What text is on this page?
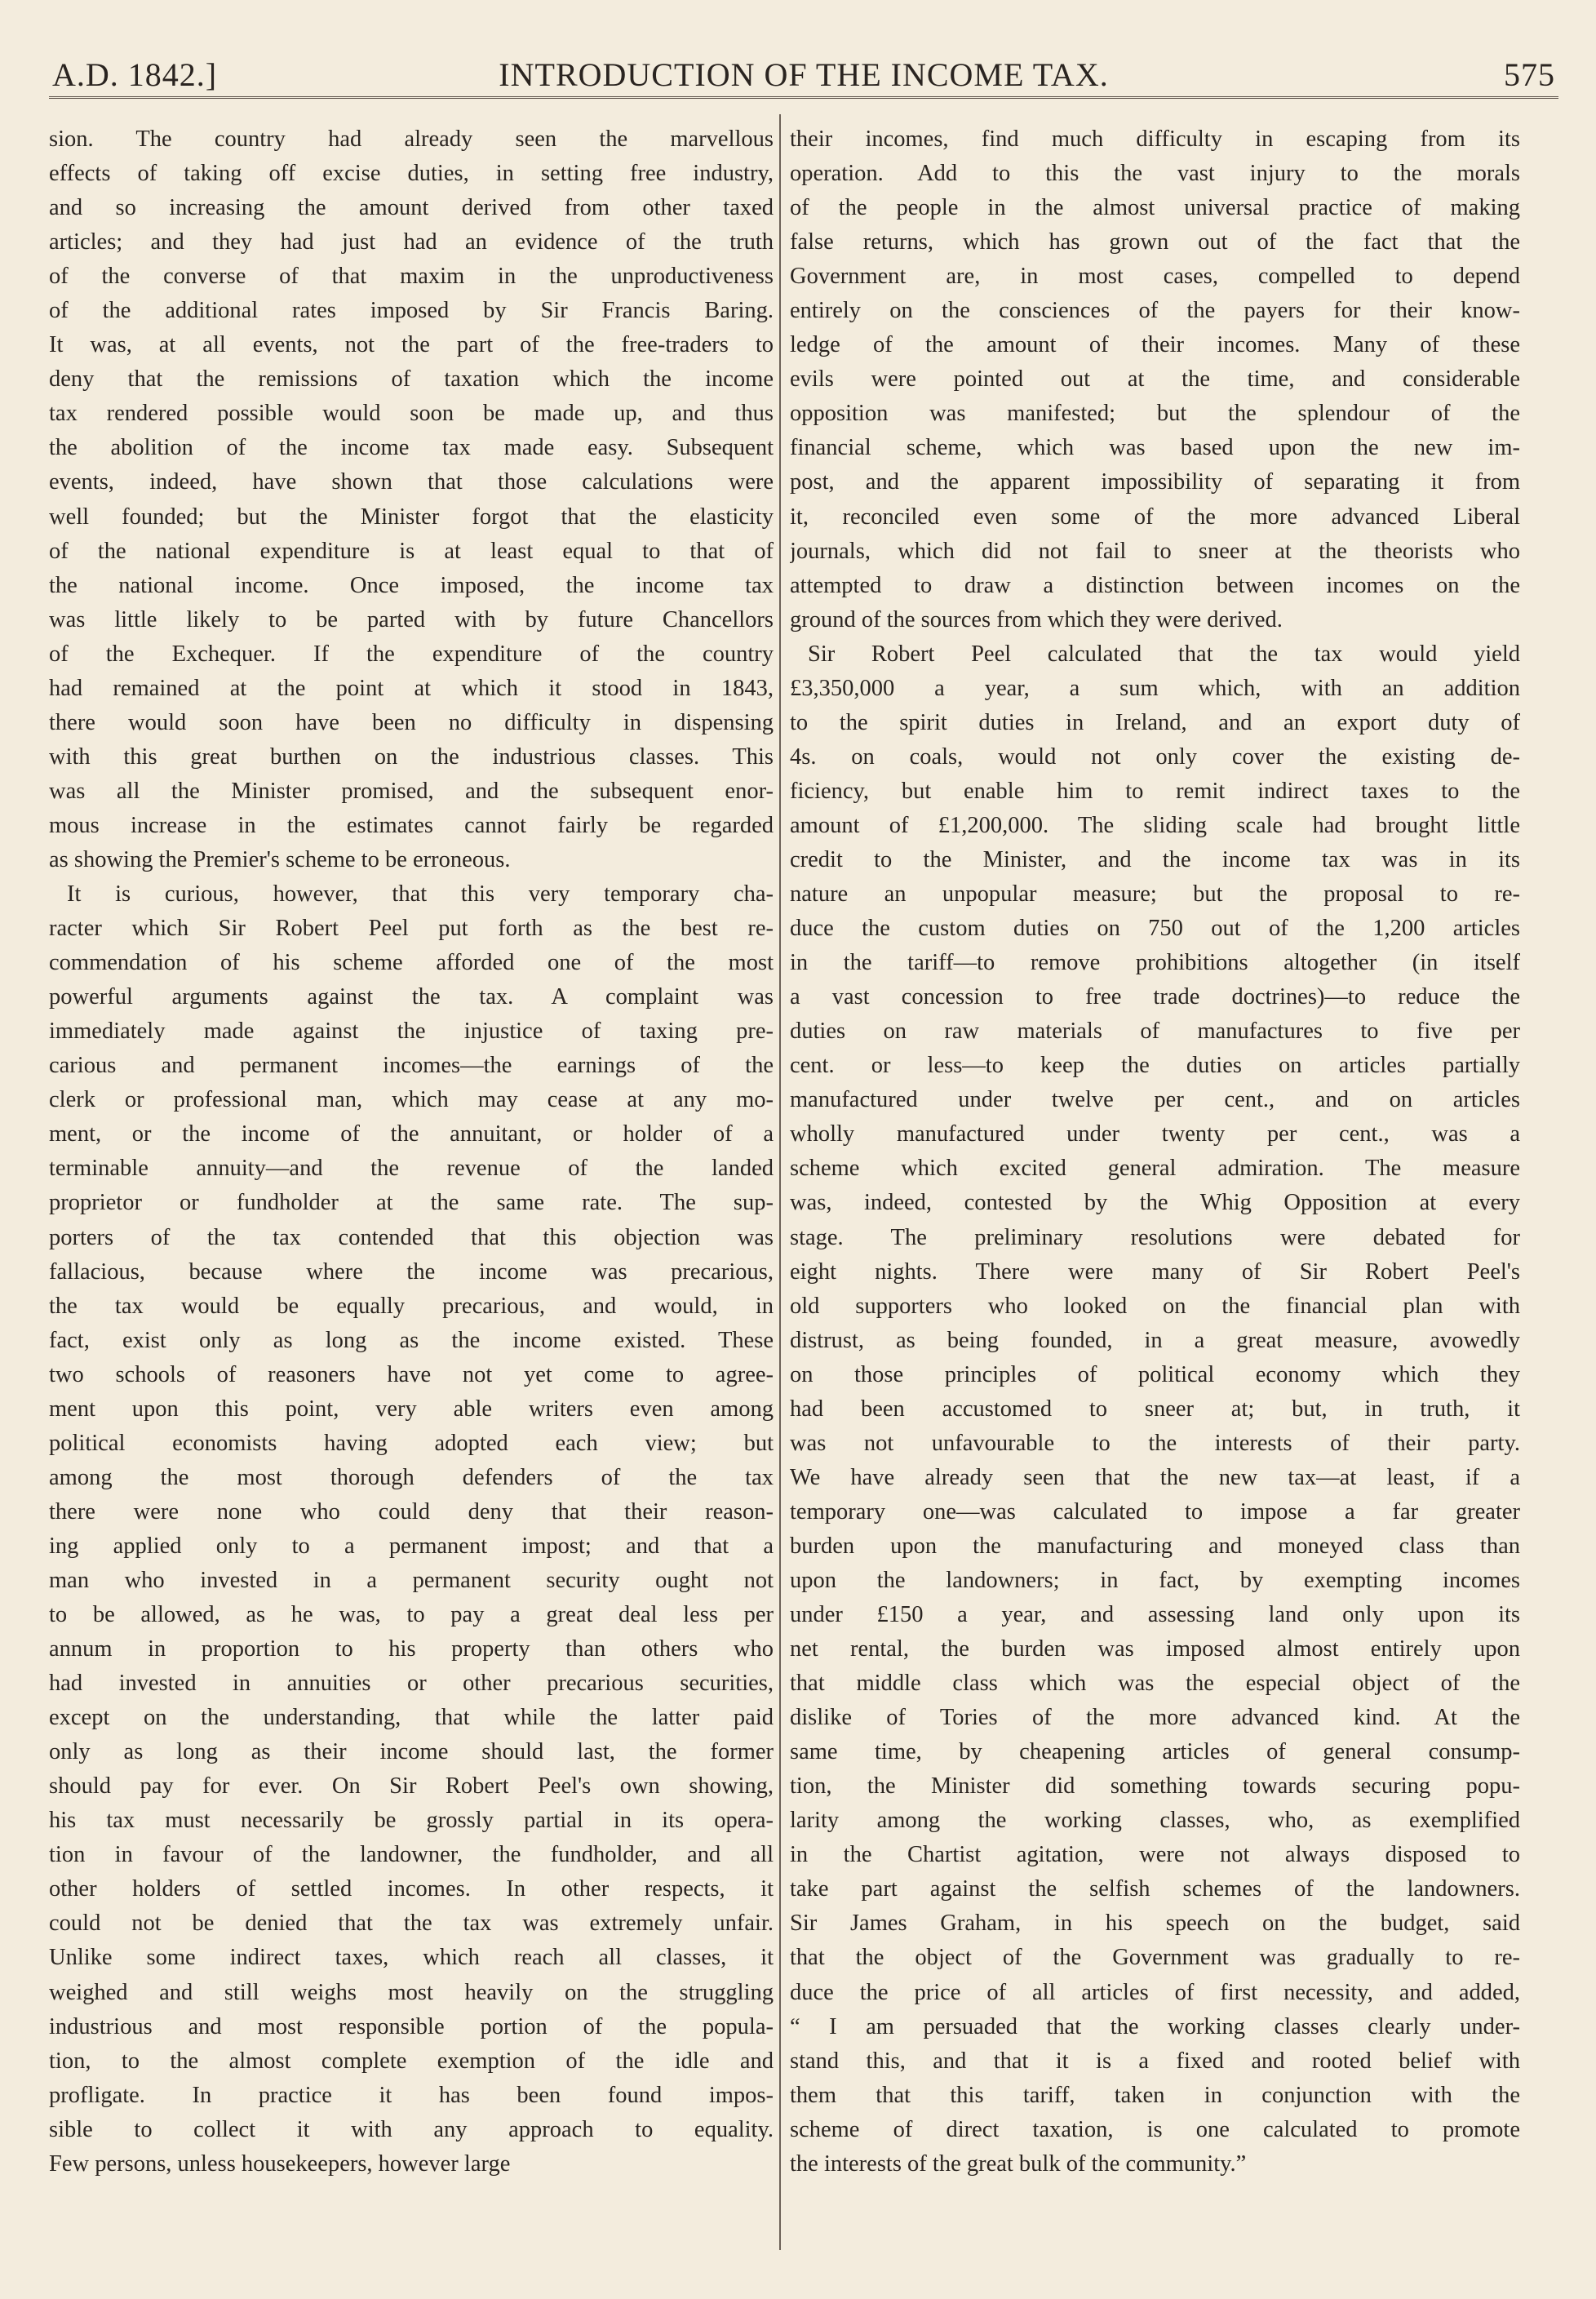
A.D. 1842.]	INTRODUCTION OF THE INCOME TAX.	575
sion. The country had already seen the marvellous
effects of taking off excise duties, in setting free industry,
and so increasing the amount derived from other taxed
articles; and they had just had an evidence of the truth
of the converse of that maxim in the unproductiveness
of the additional rates imposed by Sir Francis Baring.
It was, at all events, not the part of the free-traders to
deny that the remissions of taxation which the income
tax rendered possible would soon be made up, and thus
the abolition of the income tax made easy. Subsequent
events, indeed, have shown that those calculations were
well founded; but the Minister forgot that the elasticity
of the national expenditure is at least equal to that of
the national income. Once imposed, the income tax
was little likely to be parted with by future Chancellors
of the Exchequer. If the expenditure of the country
had remained at the point at which it stood in 1843,
there would soon have been no difficulty in dispensing
with this great burthen on the industrious classes. This
was all the Minister promised, and the subsequent enor-
mous increase in the estimates cannot fairly be regarded
as showing the Premier's scheme to be erroneous.
It is curious, however, that this very temporary cha-
racter which Sir Robert Peel put forth as the best re-
commendation of his scheme afforded one of the most
powerful arguments against the tax. A complaint was
immediately made against the injustice of taxing pre-
carious and permanent incomes—the earnings of the
clerk or professional man, which may cease at any mo-
ment, or the income of the annuitant, or holder of a
terminable annuity—and the revenue of the landed
proprietor or fundholder at the same rate. The sup-
porters of the tax contended that this objection was
fallacious, because where the income was precarious,
the tax would be equally precarious, and would, in
fact, exist only as long as the income existed. These
two schools of reasoners have not yet come to agree-
ment upon this point, very able writers even among
political economists having adopted each view; but
among the most thorough defenders of the tax
there were none who could deny that their reason-
ing applied only to a permanent impost; and that a
man who invested in a permanent security ought not
to be allowed, as he was, to pay a great deal less per
annum in proportion to his property than others who
had invested in annuities or other precarious securities,
except on the understanding, that while the latter paid
only as long as their income should last, the former
should pay for ever. On Sir Robert Peel's own showing,
his tax must necessarily be grossly partial in its opera-
tion in favour of the landowner, the fundholder, and all
other holders of settled incomes. In other respects, it
could not be denied that the tax was extremely unfair.
Unlike some indirect taxes, which reach all classes, it
weighed and still weighs most heavily on the struggling
industrious and most responsible portion of the popula-
tion, to the almost complete exemption of the idle and
profligate. In practice it has been found impos-
sible to collect it with any approach to equality.
Few persons, unless housekeepers, however large
their incomes, find much difficulty in escaping from its
operation. Add to this the vast injury to the morals
of the people in the almost universal practice of making
false returns, which has grown out of the fact that the
Government are, in most cases, compelled to depend
entirely on the consciences of the payers for their know-
ledge of the amount of their incomes. Many of these
evils were pointed out at the time, and considerable
opposition was manifested; but the splendour of the
financial scheme, which was based upon the new im-
post, and the apparent impossibility of separating it from
it, reconciled even some of the more advanced Liberal
journals, which did not fail to sneer at the theorists who
attempted to draw a distinction between incomes on the
ground of the sources from which they were derived.
Sir Robert Peel calculated that the tax would yield
£3,350,000 a year, a sum which, with an addition
to the spirit duties in Ireland, and an export duty of
4s. on coals, would not only cover the existing de-
ficiency, but enable him to remit indirect taxes to the
amount of £1,200,000. The sliding scale had brought little
credit to the Minister, and the income tax was in its
nature an unpopular measure; but the proposal to re-
duce the custom duties on 750 out of the 1,200 articles
in the tariff—to remove prohibitions altogether (in itself
a vast concession to free trade doctrines)—to reduce the
duties on raw materials of manufactures to five per
cent. or less—to keep the duties on articles partially
manufactured under twelve per cent., and on articles
wholly manufactured under twenty per cent., was a
scheme which excited general admiration. The measure
was, indeed, contested by the Whig Opposition at every
stage. The preliminary resolutions were debated for
eight nights. There were many of Sir Robert Peel's
old supporters who looked on the financial plan with
distrust, as being founded, in a great measure, avowedly
on those principles of political economy which they
had been accustomed to sneer at; but, in truth, it
was not unfavourable to the interests of their party.
We have already seen that the new tax—at least, if a
temporary one—was calculated to impose a far greater
burden upon the manufacturing and moneyed class than
upon the landowners; in fact, by exempting incomes
under £150 a year, and assessing land only upon its
net rental, the burden was imposed almost entirely upon
that middle class which was the especial object of the
dislike of Tories of the more advanced kind. At the
same time, by cheapening articles of general consump-
tion, the Minister did something towards securing popu-
larity among the working classes, who, as exemplified
in the Chartist agitation, were not always disposed to
take part against the selfish schemes of the landowners.
Sir James Graham, in his speech on the budget, said
that the object of the Government was gradually to re-
duce the price of all articles of first necessity, and added,
“ I am persuaded that the working classes clearly under-
stand this, and that it is a fixed and rooted belief with
them that this tariff, taken in conjunction with the
scheme of direct taxation, is one calculated to promote
the interests of the great bulk of the community.”
